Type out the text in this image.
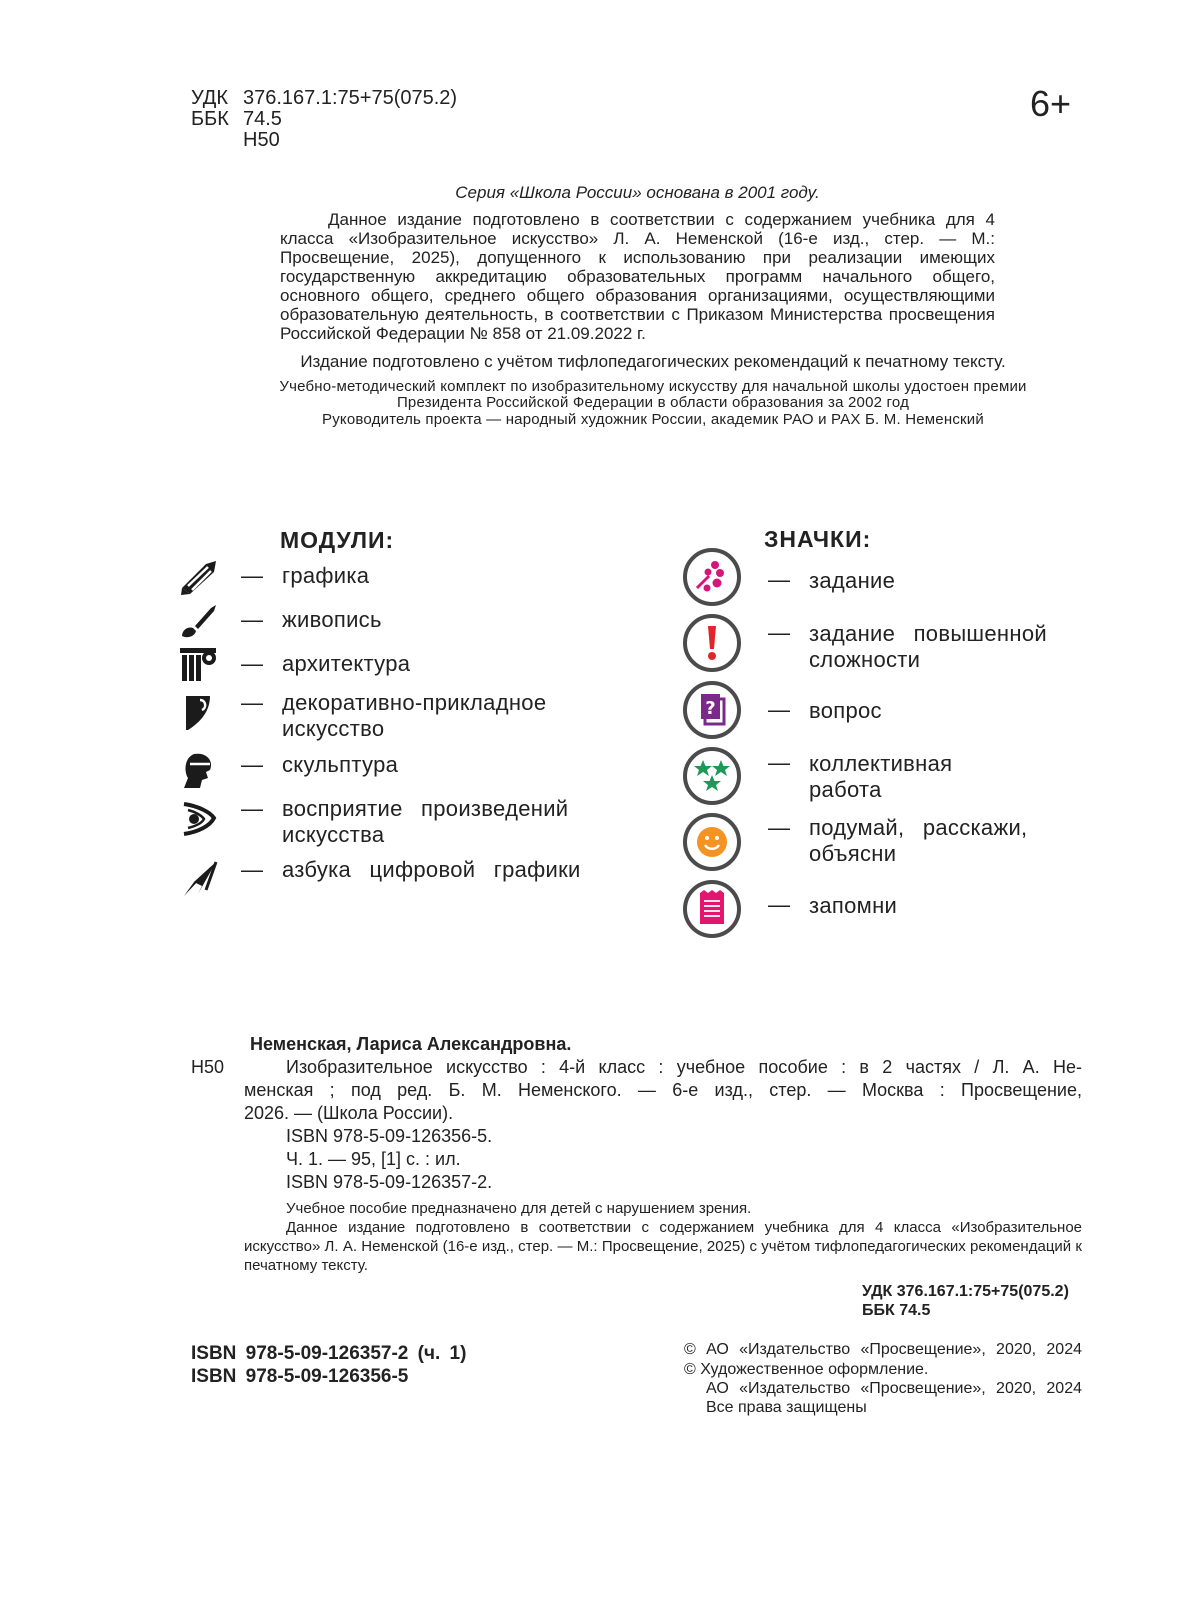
УДК 376.167.1:75+75(075.2)
ББК 74.5
Н50
6+
Серия «Школа России» основана в 2001 году.
Данное издание подготовлено в соответствии с содержанием учебника для 4 класса «Изобразительное искусство» Л. А. Неменской (16-е изд., стер. — М.: Просвещение, 2025), допущенного к использованию при реализации имеющих государственную аккредитацию образовательных программ начального общего, основного общего, среднего общего образования организациями, осуществляющими образовательную деятельность, в соответствии с Приказом Министерства просвещения Российской Федерации № 858 от 21.09.2022 г.
Издание подготовлено с учётом тифлопедагогических рекомендаций к печатному тексту.
Учебно-методический комплект по изобразительному искусству для начальной школы удостоен премии
Президента Российской Федерации в области образования за 2002 год
Руководитель проекта — народный художник России, академик РАО и РАХ Б. М. Неменский
МОДУЛИ:
— графика
— живопись
— архитектура
— декоративно-прикладное искусство
— скульптура
— восприятие произведений искусства
— азбука цифровой графики
ЗНАЧКИ:
— задание
— задание повышенной сложности
? — вопрос
— коллективная работа
— подумай, расскажи, объясни
— запомни
Неменская, Лариса Александровна.
Н50	Изобразительное искусство : 4-й класс : учебное пособие : в 2 частях / Л. А. Не-
менская ; под ред. Б. М. Неменского. — 6-е изд., стер. — Москва : Просвещение,
2026. — (Школа России).
ISBN 978-5-09-126356-5.
Ч. 1. — 95, [1] с. : ил.
ISBN 978-5-09-126357-2.
Учебное пособие предназначено для детей с нарушением зрения.
Данное издание подготовлено в соответствии с содержанием учебника для 4 класса «Изобразительное искусство» Л. А. Неменской (16-е изд., стер. — М.: Просвещение, 2025) с учётом тифлопедагогических рекомендаций к печатному тексту.
УДК 376.167.1:75+75(075.2)
ББК 74.5
ISBN 978-5-09-126357-2 (ч. 1)
ISBN 978-5-09-126356-5
© АО «Издательство «Просвещение», 2020, 2024
© Художественное оформление.
АО «Издательство «Просвещение», 2020, 2024
Все права защищены
